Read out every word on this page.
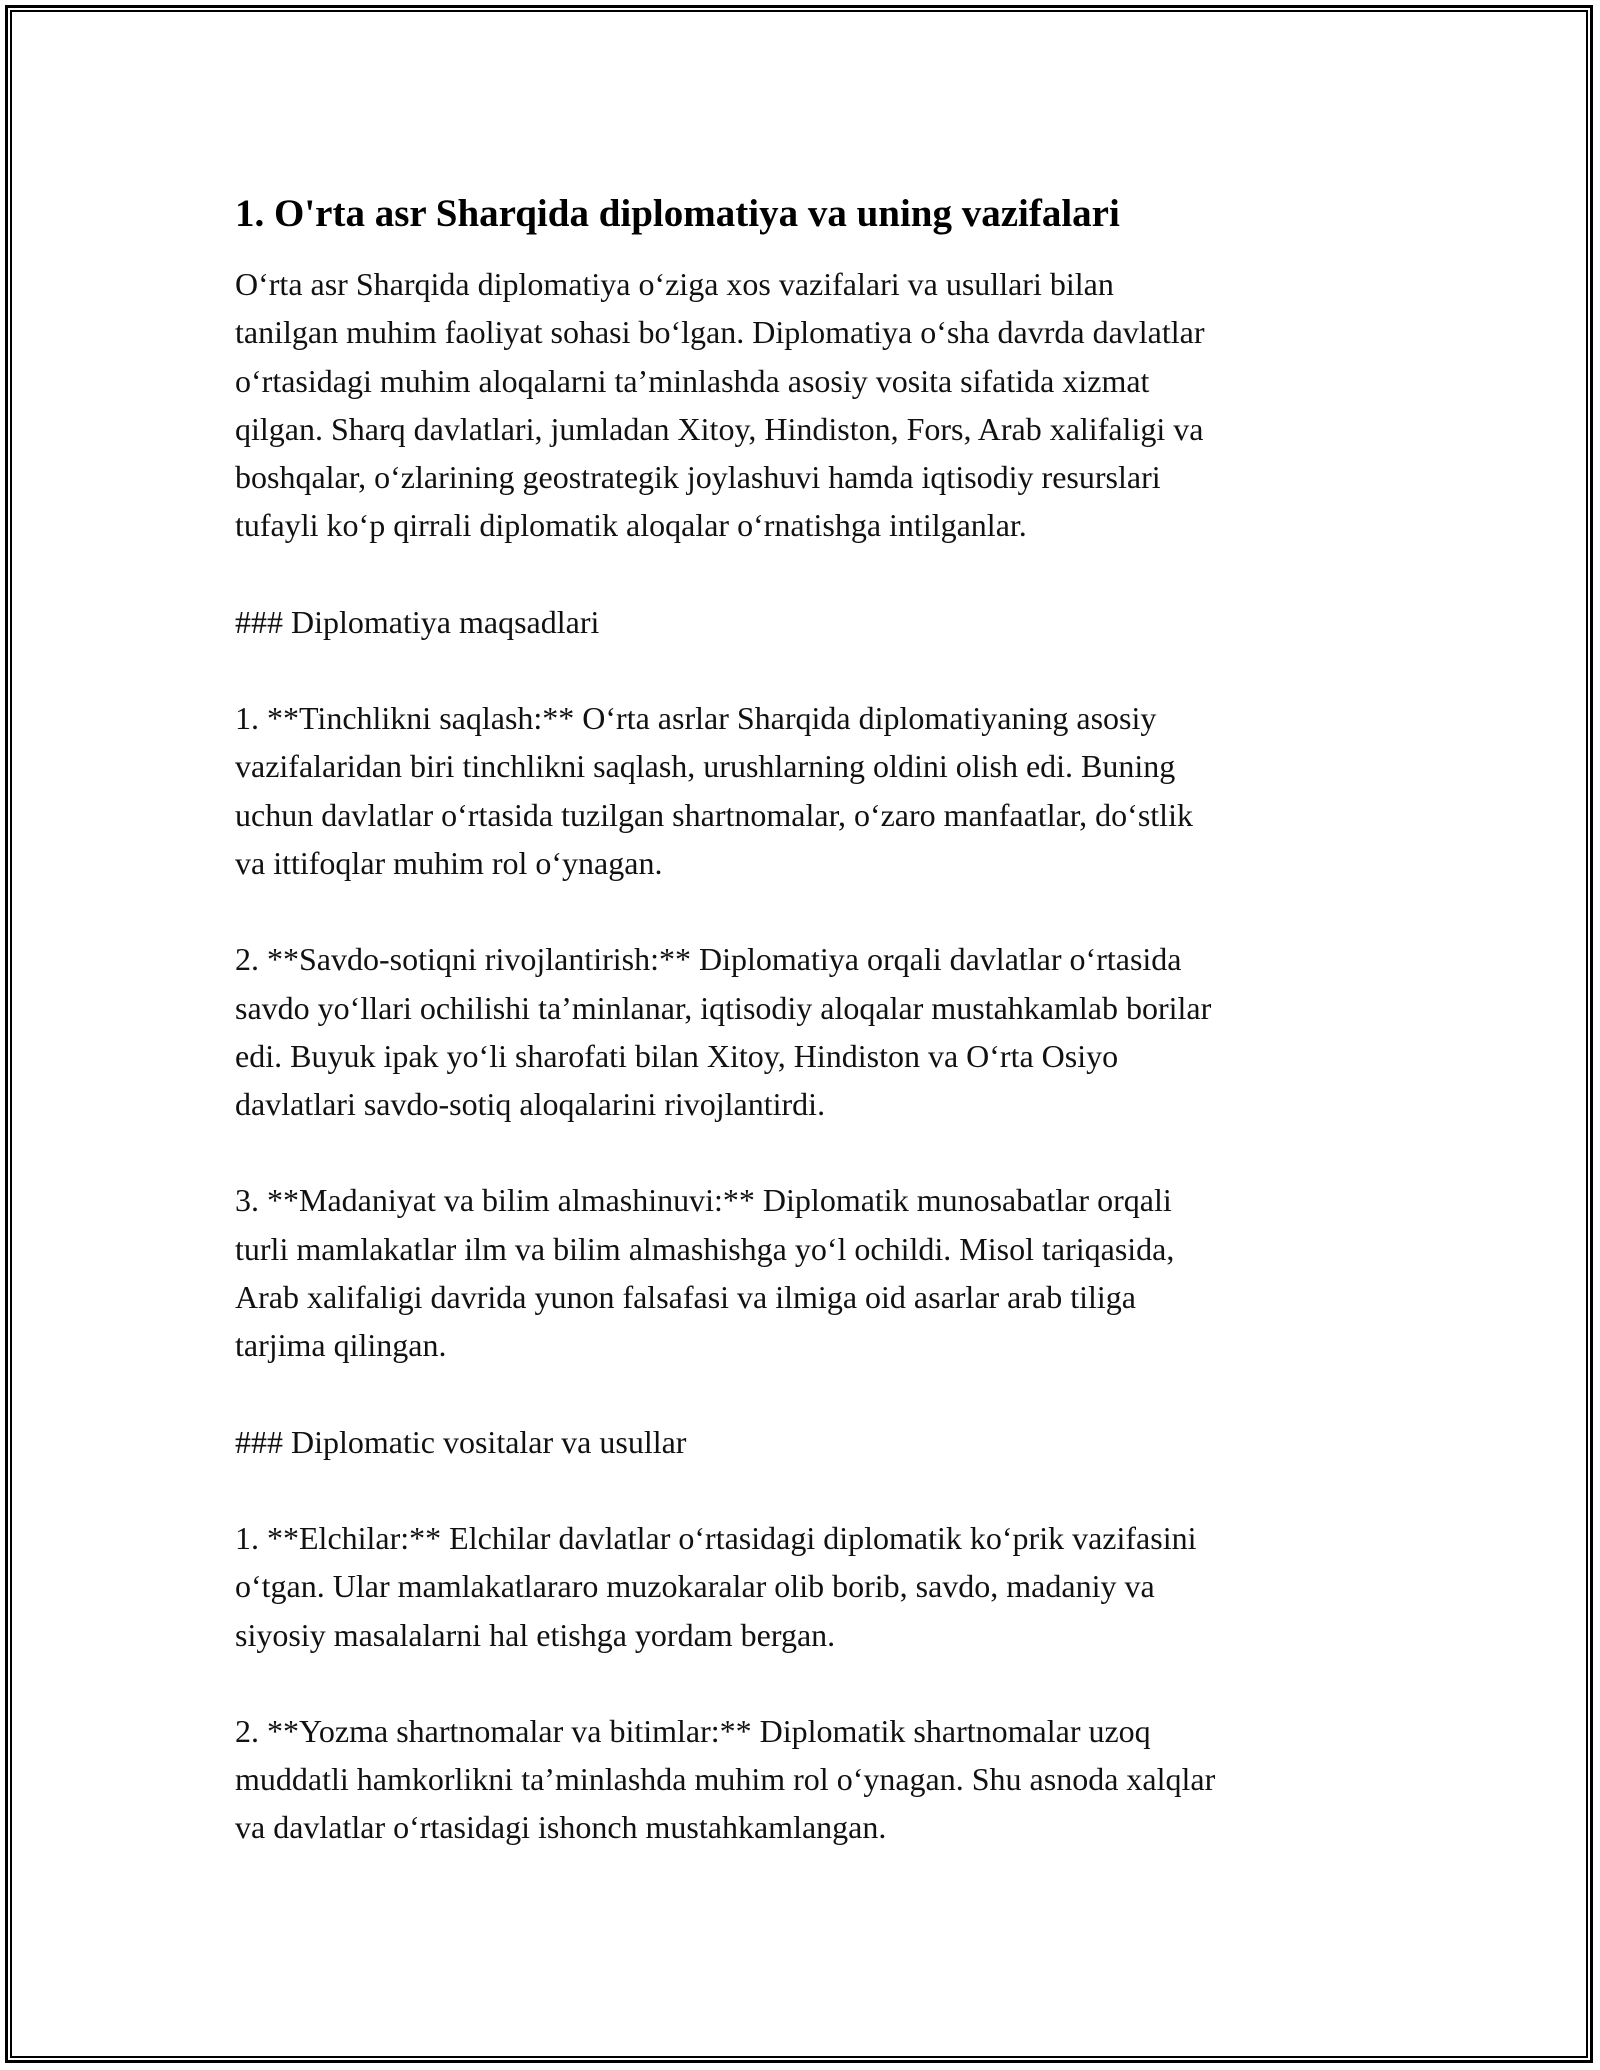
1. O'rta asr Sharqida diplomatiya va uning vazifalari

O‘rta asr Sharqida diplomatiya o‘ziga xos vazifalari va usullari bilan
tanilgan muhim faoliyat sohasi bo‘lgan. Diplomatiya o‘sha davrda davlatlar
o‘rtasidagi muhim aloqalarni ta’minlashda asosiy vosita sifatida xizmat
qilgan. Sharq davlatlari, jumladan Xitoy, Hindiston, Fors, Arab xalifaligi va
boshqalar, o‘zlarining geostrategik joylashuvi hamda iqtisodiy resurslari
tufayli ko‘p qirrali diplomatik aloqalar o‘rnatishga intilganlar.

### Diplomatiya maqsadlari

1. **Tinchlikni saqlash:** O‘rta asrlar Sharqida diplomatiyaning asosiy
vazifalaridan biri tinchlikni saqlash, urushlarning oldini olish edi. Buning
uchun davlatlar o‘rtasida tuzilgan shartnomalar, o‘zaro manfaatlar, do‘stlik
va ittifoqlar muhim rol o‘ynagan.

2. **Savdo-sotiqni rivojlantirish:** Diplomatiya orqali davlatlar o‘rtasida
savdo yo‘llari ochilishi ta’minlanar, iqtisodiy aloqalar mustahkamlab borilar
edi. Buyuk ipak yo‘li sharofati bilan Xitoy, Hindiston va O‘rta Osiyo
davlatlari savdo-sotiq aloqalarini rivojlantirdi.

3. **Madaniyat va bilim almashinuvi:** Diplomatik munosabatlar orqali
turli mamlakatlar ilm va bilim almashishga yo‘l ochildi. Misol tariqasida,
Arab xalifaligi davrida yunon falsafasi va ilmiga oid asarlar arab tiliga
tarjima qilingan.

### Diplomatic vositalar va usullar

1. **Elchilar:** Elchilar davlatlar o‘rtasidagi diplomatik ko‘prik vazifasini
o‘tgan. Ular mamlakatlararo muzokaralar olib borib, savdo, madaniy va
siyosiy masalalarni hal etishga yordam bergan.

2. **Yozma shartnomalar va bitimlar:** Diplomatik shartnomalar uzoq
muddatli hamkorlikni ta’minlashda muhim rol o‘ynagan. Shu asnoda xalqlar
va davlatlar o‘rtasidagi ishonch mustahkamlangan.
